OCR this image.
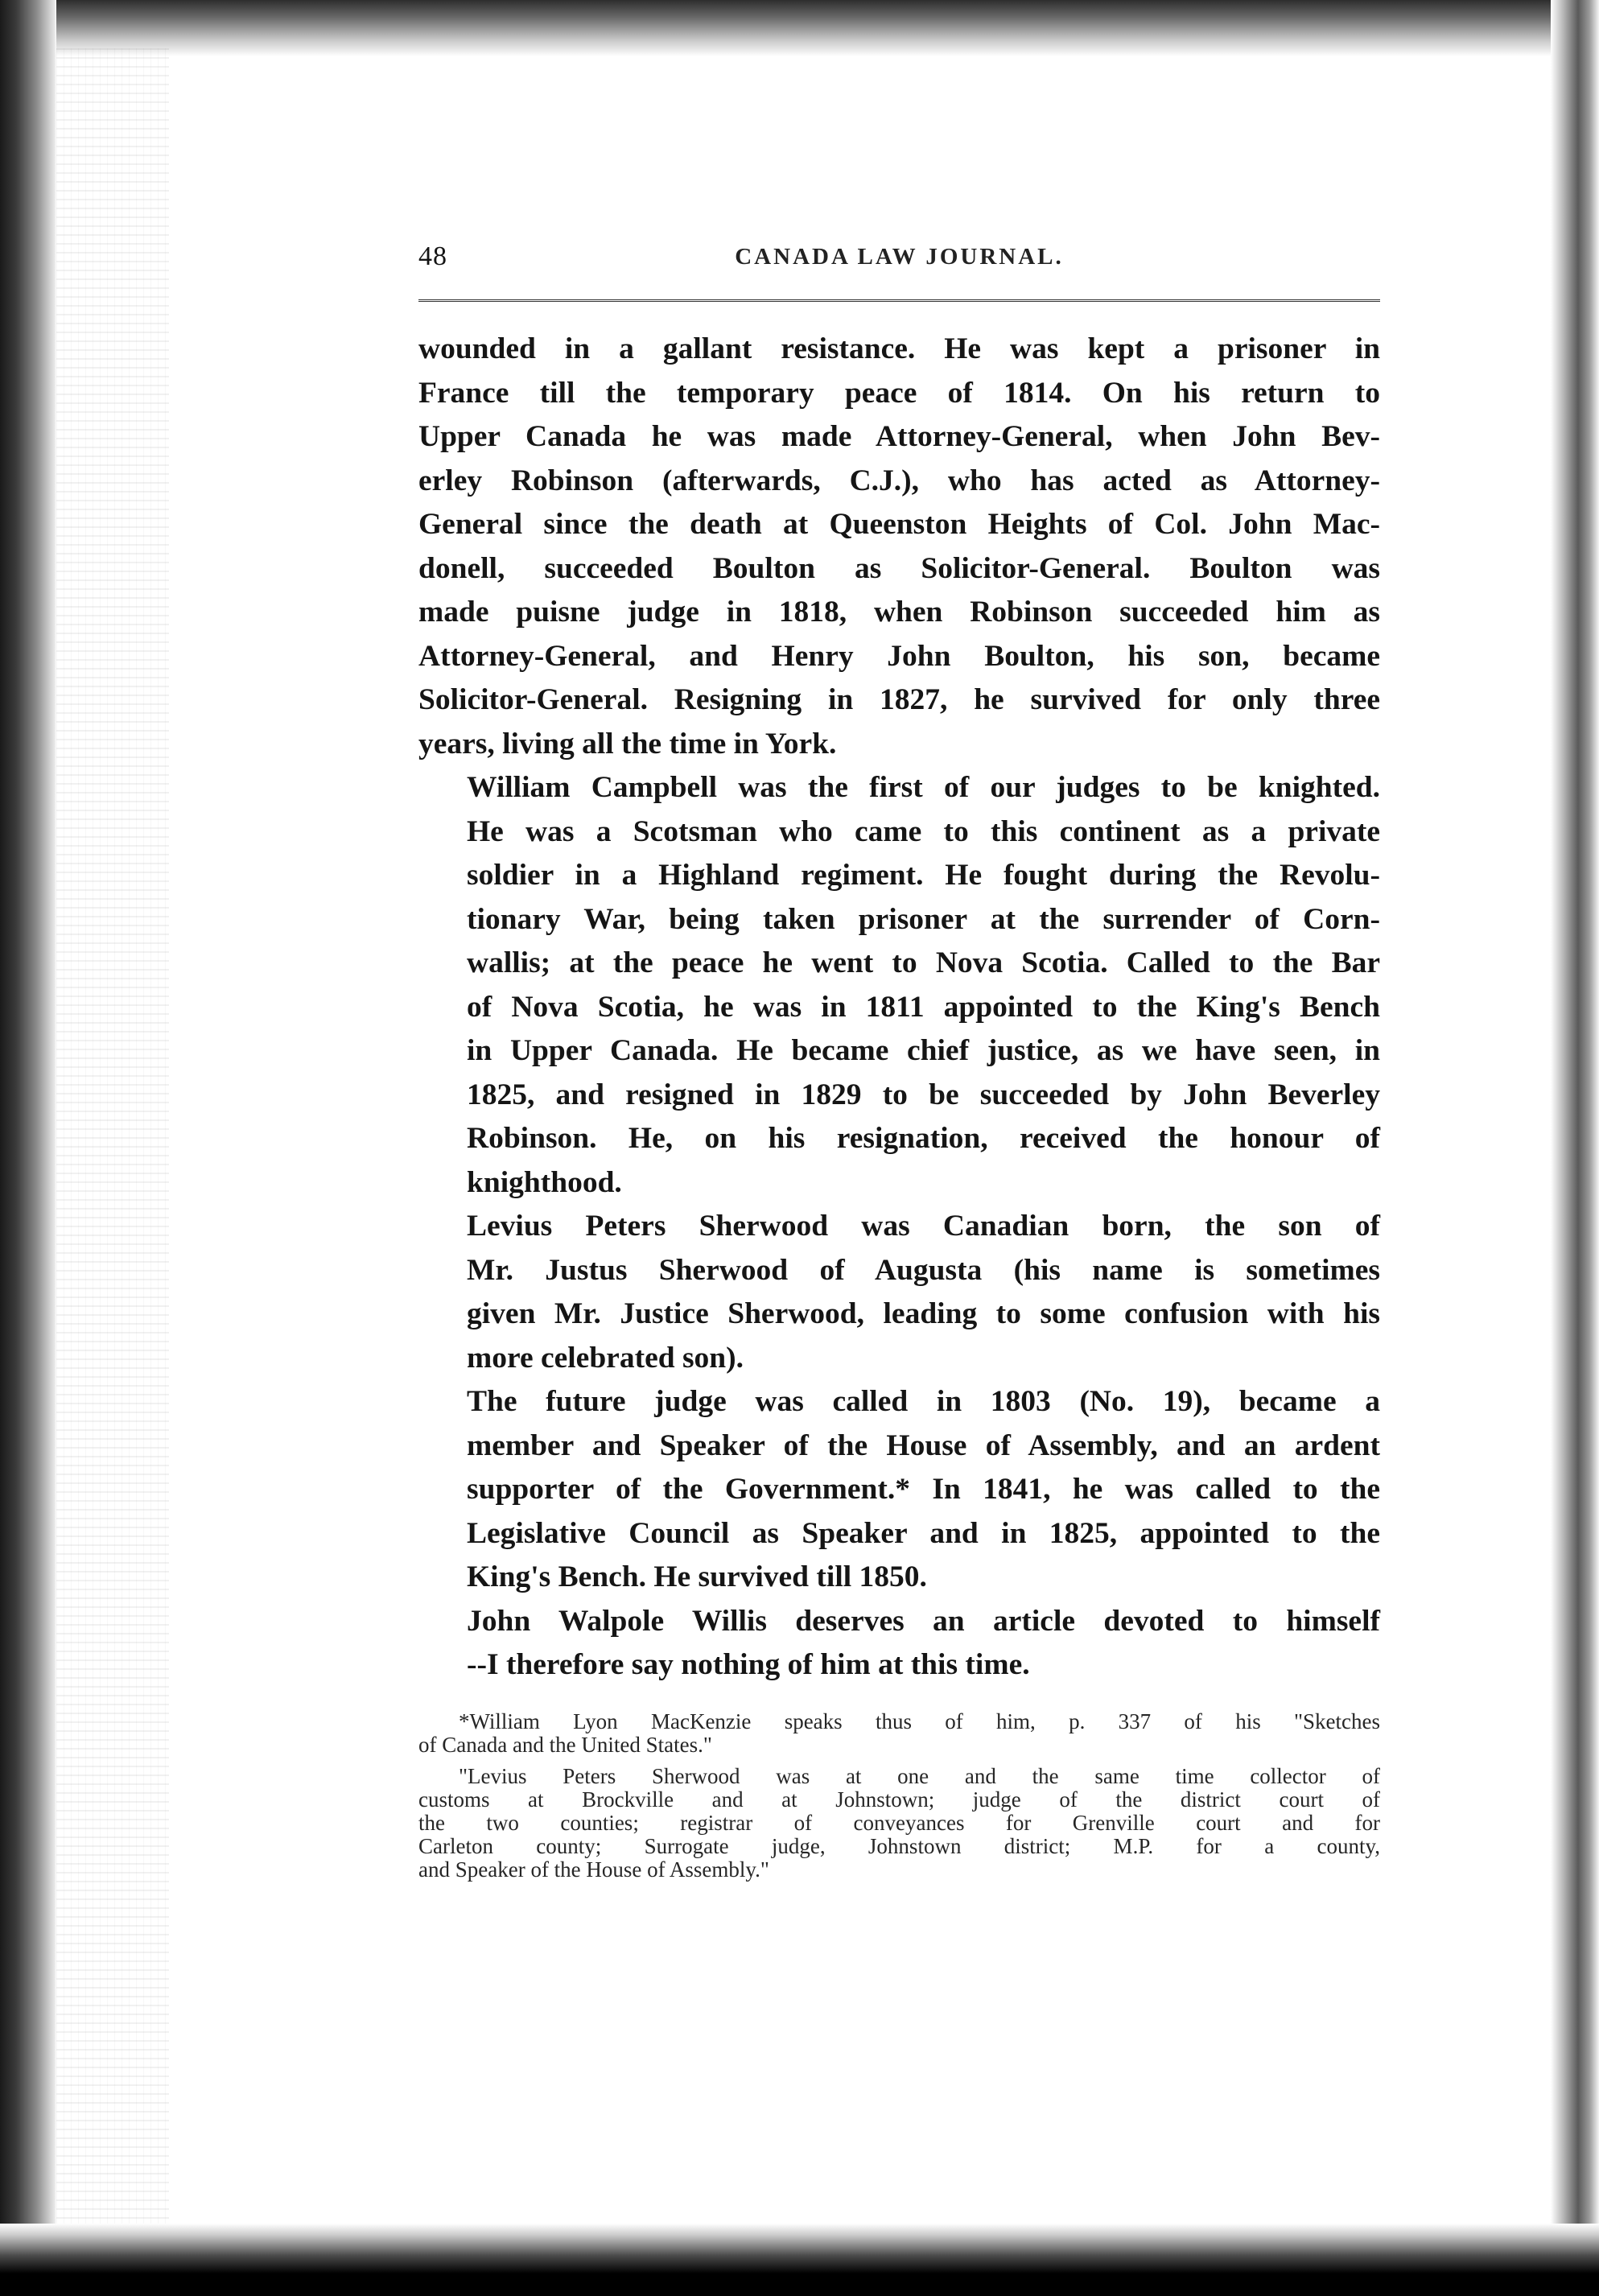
48	CANADA LAW JOURNAL.

wounded in a gallant resistance. He was kept a prisoner in
France till the temporary peace of 1814. On his return to
Upper Canada he was made Attorney-General, when John Bev-
erley Robinson (afterwards, C.J.), who has acted as Attorney-
General since the death at Queenston Heights of Col. John Mac-
donell, succeeded Boulton as Solicitor-General. Boulton was
made puisne judge in 1818, when Robinson succeeded him as
Attorney-General, and Henry John Boulton, his son, became
Solicitor-General. Resigning in 1827, he survived for only three
years, living all the time in York.

William Campbell was the first of our judges to be knighted.
He was a Scotsman who came to this continent as a private
soldier in a Highland regiment. He fought during the Revolu-
tionary War, being taken prisoner at the surrender of Corn-
wallis; at the peace he went to Nova Scotia. Called to the Bar
of Nova Scotia, he was in 1811 appointed to the King's Bench
in Upper Canada. He became chief justice, as we have seen, in
1825, and resigned in 1829 to be succeeded by John Beverley
Robinson. He, on his resignation, received the honour of
knighthood.

Levius Peters Sherwood was Canadian born, the son of
Mr. Justus Sherwood of Augusta (his name is sometimes
given Mr. Justice Sherwood, leading to some confusion with his
more celebrated son).

The future judge was called in 1803 (No. 19), became a
member and Speaker of the House of Assembly, and an ardent
supporter of the Government.* In 1841, he was called to the
Legislative Council as Speaker and in 1825, appointed to the
King's Bench. He survived till 1850.

John Walpole Willis deserves an article devoted to himself
--I therefore say nothing of him at this time.

*William Lyon MacKenzie speaks thus of him, p. 337 of his "Sketches
of Canada and the United States."

"Levius Peters Sherwood was at one and the same time collector of
customs at Brockville and at Johnstown; judge of the district court of
the two counties; registrar of conveyances for Grenville court and for
Carleton county; Surrogate judge, Johnstown district; M.P. for a county,
and Speaker of the House of Assembly."
